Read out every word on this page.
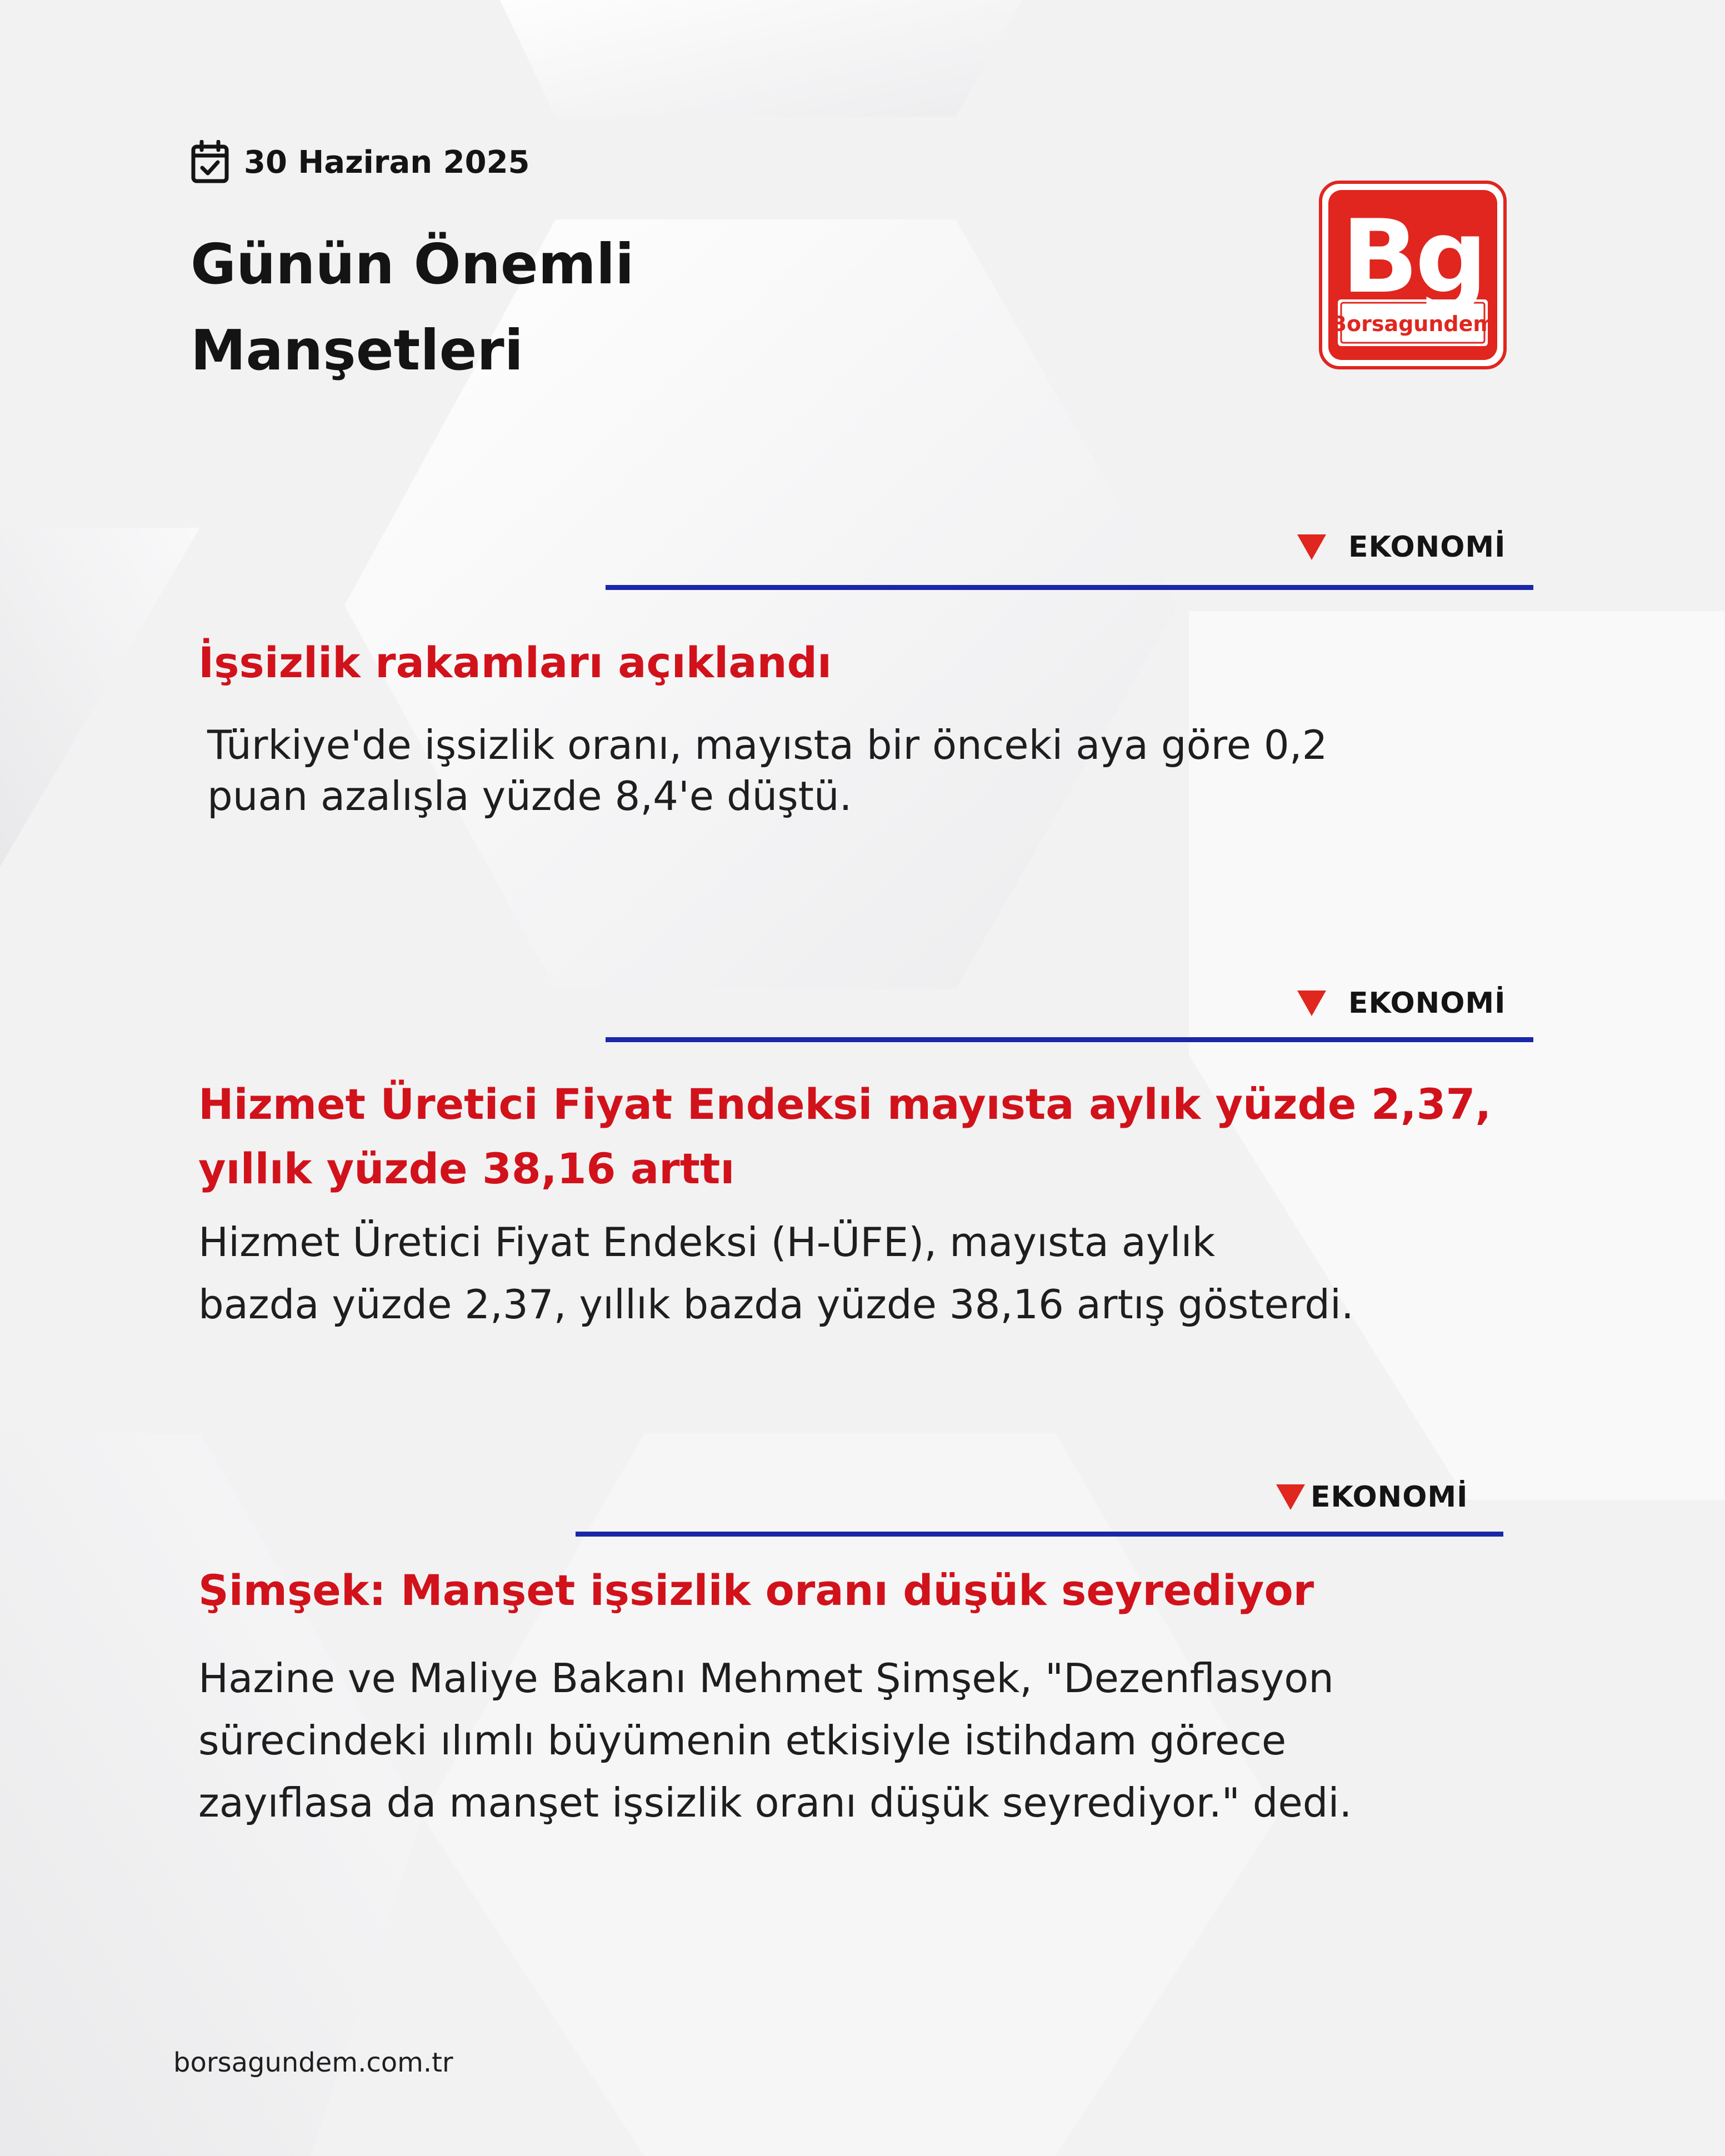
30 Haziran 2025
Günün Önemli
Manşetleri
Bg
Borsagundem
EKONOMİ
İşsizlik rakamları açıklandı
Türkiye'de işsizlik oranı, mayısta bir önceki aya göre 0,2
puan azalışla yüzde 8,4'e düştü.
EKONOMİ
Hizmet Üretici Fiyat Endeksi mayısta aylık yüzde 2,37,
yıllık yüzde 38,16 arttı
Hizmet Üretici Fiyat Endeksi (H-ÜFE), mayısta aylık
bazda yüzde 2,37, yıllık bazda yüzde 38,16 artış gösterdi.
EKONOMİ
Şimşek: Manşet işsizlik oranı düşük seyrediyor
Hazine ve Maliye Bakanı Mehmet Şimşek, "Dezenflasyon
sürecindeki ılımlı büyümenin etkisiyle istihdam görece
zayıflasa da manşet işsizlik oranı düşük seyrediyor." dedi.
borsagundem.com.tr
